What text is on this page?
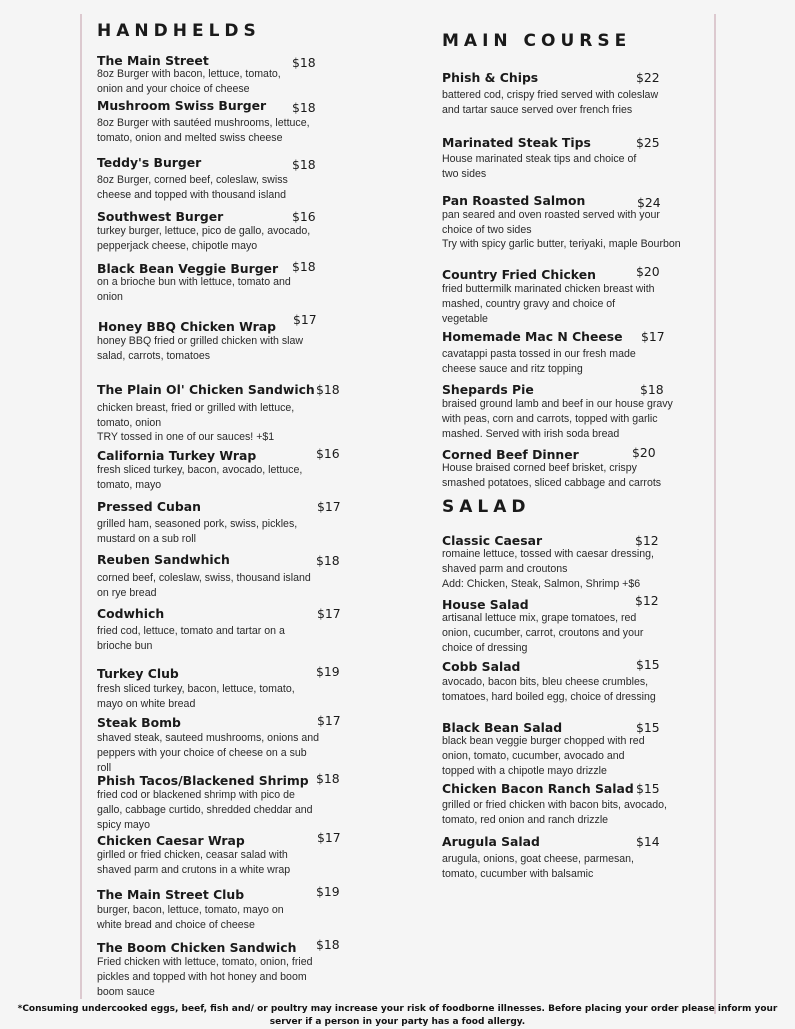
HANDHELDS
The Main Street	$18
8oz Burger with bacon, lettuce, tomato, onion and your choice of cheese
Mushroom Swiss Burger $18
8oz Burger with sautéed mushrooms, lettuce, tomato, onion and melted swiss cheese
Teddy's Burger	$18
8oz Burger, corned beef, coleslaw, swiss cheese and topped with thousand island
Southwest Burger	$16
turkey burger, lettuce, pico de gallo, avocado, pepperjack cheese, chipotle mayo
Black Bean Veggie Burger $18
on a brioche bun with lettuce, tomato and onion
Honey BBQ Chicken Wrap $17
honey BBQ fried or grilled chicken with slaw salad, carrots, tomatoes
The Plain Ol' Chicken Sandwich $18
chicken breast, fried or grilled with lettuce, tomato, onion
TRY tossed in one of our sauces! +$1
California Turkey Wrap	$16
fresh sliced turkey, bacon, avocado, lettuce, tomato, mayo
Pressed Cuban	$17
grilled ham, seasoned pork, swiss, pickles, mustard on a sub roll
Reuben Sandwhich	$18
corned beef, coleslaw, swiss, thousand island on rye bread
Codwhich	$17
fried cod, lettuce, tomato and tartar on a brioche bun
Turkey Club	$19
fresh sliced turkey, bacon, lettuce, tomato, mayo on white bread
Steak Bomb	$17
shaved steak, sauteed mushrooms, onions and peppers with your choice of cheese on a sub roll
Phish Tacos/Blackened Shrimp $18
fried cod or blackened shrimp with pico de gallo, cabbage curtido, shredded cheddar and spicy mayo
Chicken Caesar Wrap	$17
girlled or fried chicken, ceasar salad with shaved parm and crutons in a white wrap
The Main Street Club	$19
burger, bacon, lettuce, tomato, mayo on white bread and choice of cheese
The Boom Chicken Sandwich $18
Fried chicken with lettuce, tomato, onion, fried pickles and topped with hot honey and boom boom sauce
MAIN COURSE
Phish & Chips	$22
battered cod, crispy fried served with coleslaw and tartar sauce served over french fries
Marinated Steak Tips	$25
House marinated steak tips and choice of two sides
Pan Roasted Salmon	$24
pan seared and oven roasted served with your choice of two sides
Try with spicy garlic butter, teriyaki, maple Bourbon
Country Fried Chicken	$20
fried buttermilk marinated chicken breast with mashed, country gravy and choice of vegetable
Homemade Mac N Cheese $17
cavatappi pasta tossed in our fresh made cheese sauce and ritz topping
Shepards Pie	$18
braised ground lamb and beef in our house gravy with peas, corn and carrots, topped with garlic mashed. Served with irish soda bread
Corned Beef Dinner	$20
House braised corned beef brisket, crispy smashed potatoes, sliced cabbage and carrots
SALAD
Classic Caesar	$12
romaine lettuce, tossed with caesar dressing, shaved parm and croutons
Add: Chicken, Steak, Salmon, Shrimp +$6
House Salad	$12
artisanal lettuce mix, grape tomatoes, red onion, cucumber, carrot, croutons and your choice of dressing
Cobb Salad	$15
avocado, bacon bits, bleu cheese crumbles, tomatoes, hard boiled egg, choice of dressing
Black Bean Salad	$15
black bean veggie burger chopped with red onion, tomato, cucumber, avocado and topped with a chipotle mayo drizzle
Chicken Bacon Ranch Salad $15
grilled or fried chicken with bacon bits, avocado, tomato, red onion and ranch drizzle
Arugula Salad	$14
arugula, onions, goat cheese, parmesan, tomato, cucumber with balsamic
*Consuming undercooked eggs, beef, fish and/ or poultry may increase your risk of foodborne illnesses. Before placing your order please inform your server if a person in your party has a food allergy.
